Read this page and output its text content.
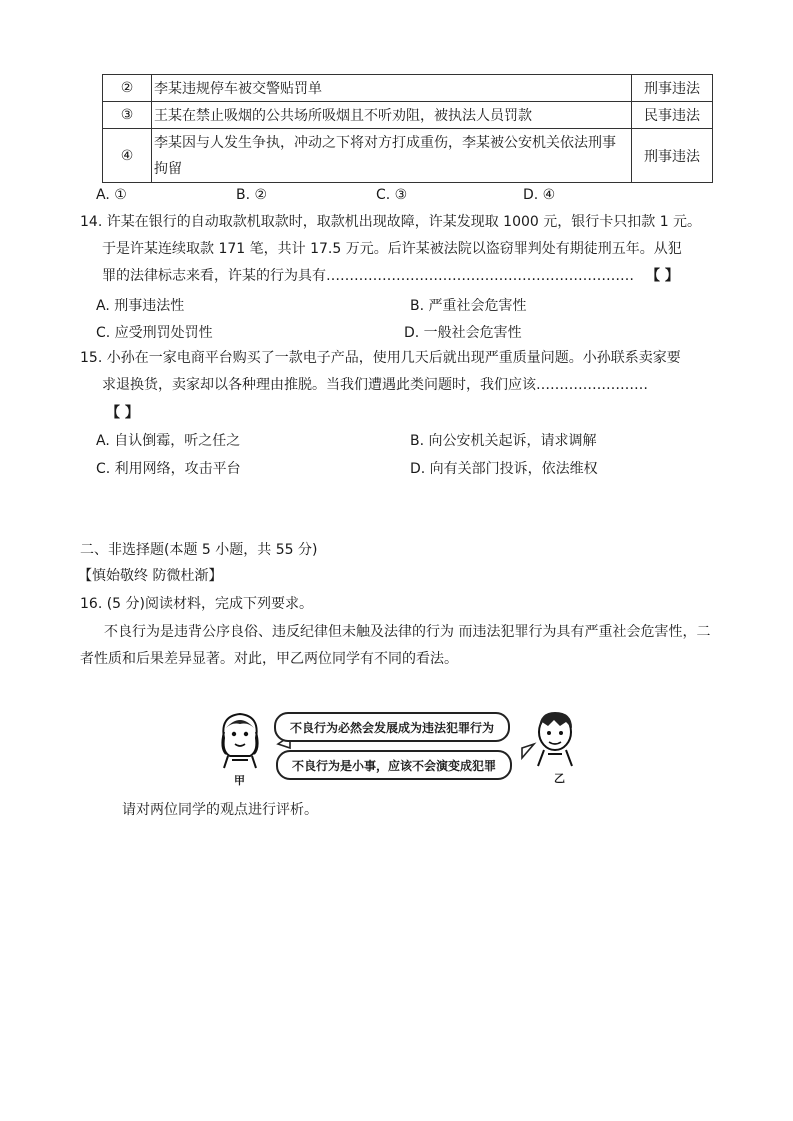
②	李某违规停车被交警贴罚单	刑事违法
③	王某在禁止吸烟的公共场所吸烟且不听劝阻，被执法人员罚款	民事违法
④	李某因与人发生争执，冲动之下将对方打成重伤，李某被公安机关依法刑事拘留	刑事违法
A. ①	B. ②	C. ③	D. ④
14. 许某在银行的自动取款机取款时，取款机出现故障，许某发现取 1000 元，银行卡只扣款 1 元。
于是许某连续取款 171 笔，共计 17.5 万元。后许某被法院以盗窃罪判处有期徒刑五年。从犯
罪的法律标志来看，许某的行为具有………………………………………………………… 【 】
A. 刑事违法性	B. 严重社会危害性
C. 应受刑罚处罚性	D. 一般社会危害性
15. 小孙在一家电商平台购买了一款电子产品，使用几天后就出现严重质量问题。小孙联系卖家要
求退换货，卖家却以各种理由推脱。当我们遭遇此类问题时，我们应该……………………
【 】
A. 自认倒霉，听之任之	B. 向公安机关起诉，请求调解
C. 利用网络，攻击平台	D. 向有关部门投诉，依法维权
二、非选择题(本题 5 小题，共 55 分)
【慎始敬终 防微杜渐】
16. (5 分)阅读材料，完成下列要求。
不良行为是违背公序良俗、违反纪律但未触及法律的行为 而违法犯罪行为具有严重社会危害性，二
者性质和后果差异显著。对此，甲乙两位同学有不同的看法。
甲
不良行为必然会发展成为违法犯罪行为
不良行为是小事，应该不会演变成犯罪
乙
请对两位同学的观点进行评析。
